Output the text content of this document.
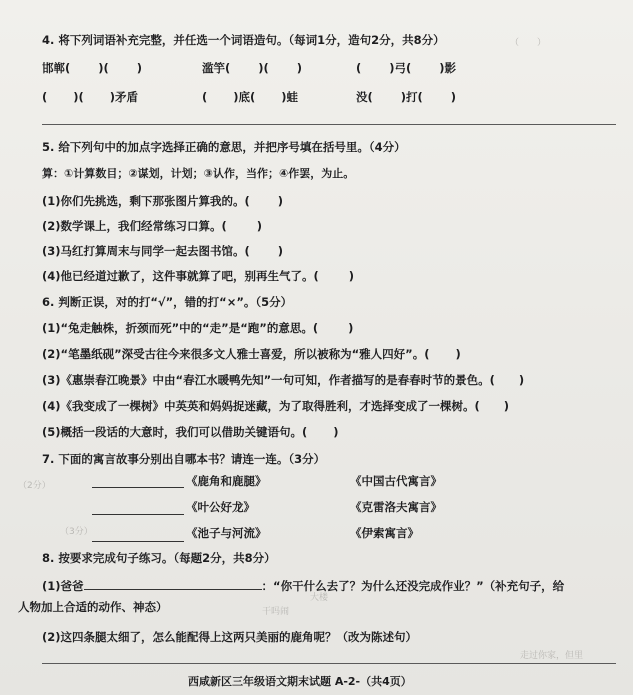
（　　）
（2分）
（3分）
干吗闹
大楼
走过你家，但里
4. 将下列词语补充完整，并任选一个词语造句。（每词1分，造句2分，共8分）
邯郸( )( )	滥竽( )( )	( )弓( )影
( )( )矛盾	( )底( )蛙	没( )打( )
5. 给下列句中的加点字选择正确的意思，并把序号填在括号里。（4分）
算：①计算数目；②谋划，计划；③认作，当作；④作罢，为止。
(1)你们先挑选，剩下那张图片算我的。( )
(2)数学课上，我们经常练习口算。(	)
(3)马红打算周末与同学一起去图书馆。( )
(4)他已经道过歉了，这件事就算了吧，别再生气了。(	)
6. 判断正误，对的打“√”，错的打“×”。（5分）
(1)“兔走触株，折颈而死”中的“走”是“跑”的意思。(	)
(2)“笔墨纸砚”深受古往今来很多文人雅士喜爱，所以被称为“雅人四好”。( )
(3)《惠崇春江晚景》中由“春江水暖鸭先知”一句可知，作者描写的是春春时节的景色。( )
(4)《我变成了一棵树》中英英和妈妈捉迷藏，为了取得胜利，才选择变成了一棵树。( )
(5)概括一段话的大意时，我们可以借助关键语句。( )
7. 下面的寓言故事分别出自哪本书？请连一连。（3分）
《鹿角和鹿腿》	《中国古代寓言》
《叶公好龙》	《克雷洛夫寓言》
《池子与河流》	《伊索寓言》
8. 按要求完成句子练习。（每题2分，共8分）
(1)爸爸	：“你干什么去了？为什么还没完成作业？”（补充句子，给
人物加上合适的动作、神态）
(2)这四条腿太细了，怎么能配得上这两只美丽的鹿角呢？（改为陈述句）
西咸新区三年级语文期末试题 A-2-（共4页）
